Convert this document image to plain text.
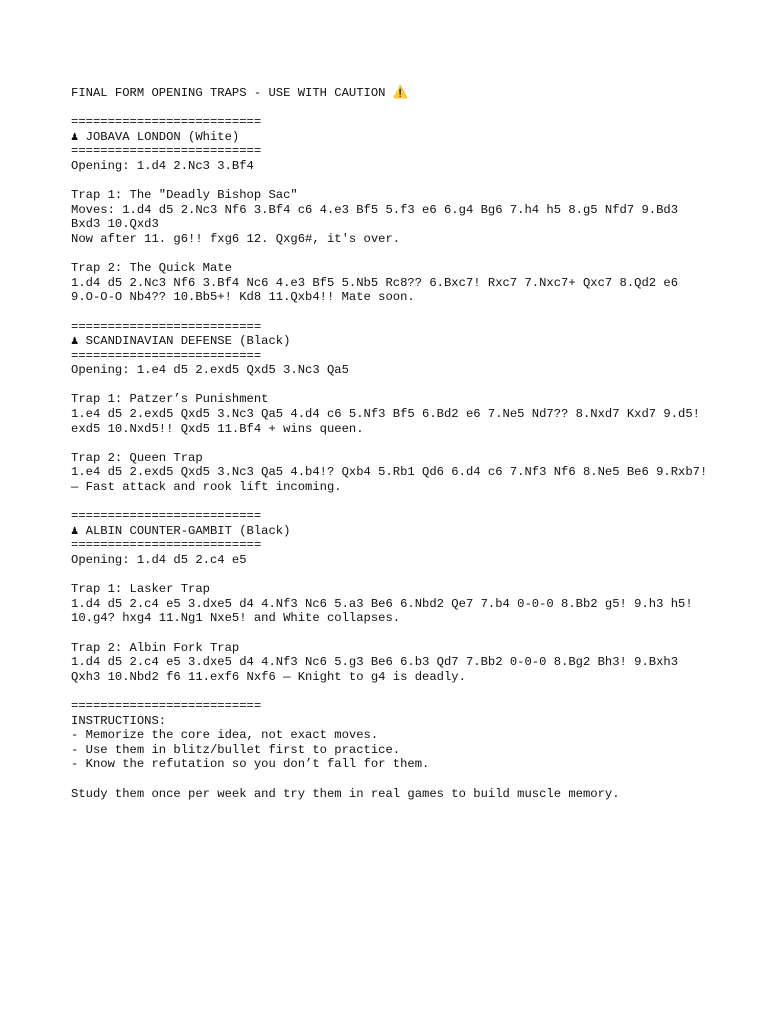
FINAL FORM OPENING TRAPS - USE WITH CAUTION ⚠️
==========================
♟ JOBAVA LONDON (White)
==========================
Opening: 1.d4 2.Nc3 3.Bf4
Trap 1: The "Deadly Bishop Sac"
Moves: 1.d4 d5 2.Nc3 Nf6 3.Bf4 c6 4.e3 Bf5 5.f3 e6 6.g4 Bg6 7.h4 h5 8.g5 Nfd7 9.Bd3 Bxd3 10.Qxd3
Now after 11. g6!! fxg6 12. Qxg6#, it's over.
Trap 2: The Quick Mate
1.d4 d5 2.Nc3 Nf6 3.Bf4 Nc6 4.e3 Bf5 5.Nb5 Rc8?? 6.Bxc7! Rxc7 7.Nxc7+ Qxc7 8.Qd2 e6 9.O-O-O Nb4?? 10.Bb5+! Kd8 11.Qxb4!! Mate soon.
==========================
♟ SCANDINAVIAN DEFENSE (Black)
==========================
Opening: 1.e4 d5 2.exd5 Qxd5 3.Nc3 Qa5
Trap 1: Patzer’s Punishment
1.e4 d5 2.exd5 Qxd5 3.Nc3 Qa5 4.d4 c6 5.Nf3 Bf5 6.Bd2 e6 7.Ne5 Nd7?? 8.Nxd7 Kxd7 9.d5! exd5 10.Nxd5!! Qxd5 11.Bf4 + wins queen.
Trap 2: Queen Trap
1.e4 d5 2.exd5 Qxd5 3.Nc3 Qa5 4.b4!? Qxb4 5.Rb1 Qd6 6.d4 c6 7.Nf3 Nf6 8.Ne5 Be6 9.Rxb7! — Fast attack and rook lift incoming.
==========================
♟ ALBIN COUNTER-GAMBIT (Black)
==========================
Opening: 1.d4 d5 2.c4 e5
Trap 1: Lasker Trap
1.d4 d5 2.c4 e5 3.dxe5 d4 4.Nf3 Nc6 5.a3 Be6 6.Nbd2 Qe7 7.b4 0-0-0 8.Bb2 g5! 9.h3 h5! 10.g4? hxg4 11.Ng1 Nxe5! and White collapses.
Trap 2: Albin Fork Trap
1.d4 d5 2.c4 e5 3.dxe5 d4 4.Nf3 Nc6 5.g3 Be6 6.b3 Qd7 7.Bb2 0-0-0 8.Bg2 Bh3! 9.Bxh3 Qxh3 10.Nbd2 f6 11.exf6 Nxf6 — Knight to g4 is deadly.
==========================
INSTRUCTIONS:
- Memorize the core idea, not exact moves.
- Use them in blitz/bullet first to practice.
- Know the refutation so you don’t fall for them.
Study them once per week and try them in real games to build muscle memory.
